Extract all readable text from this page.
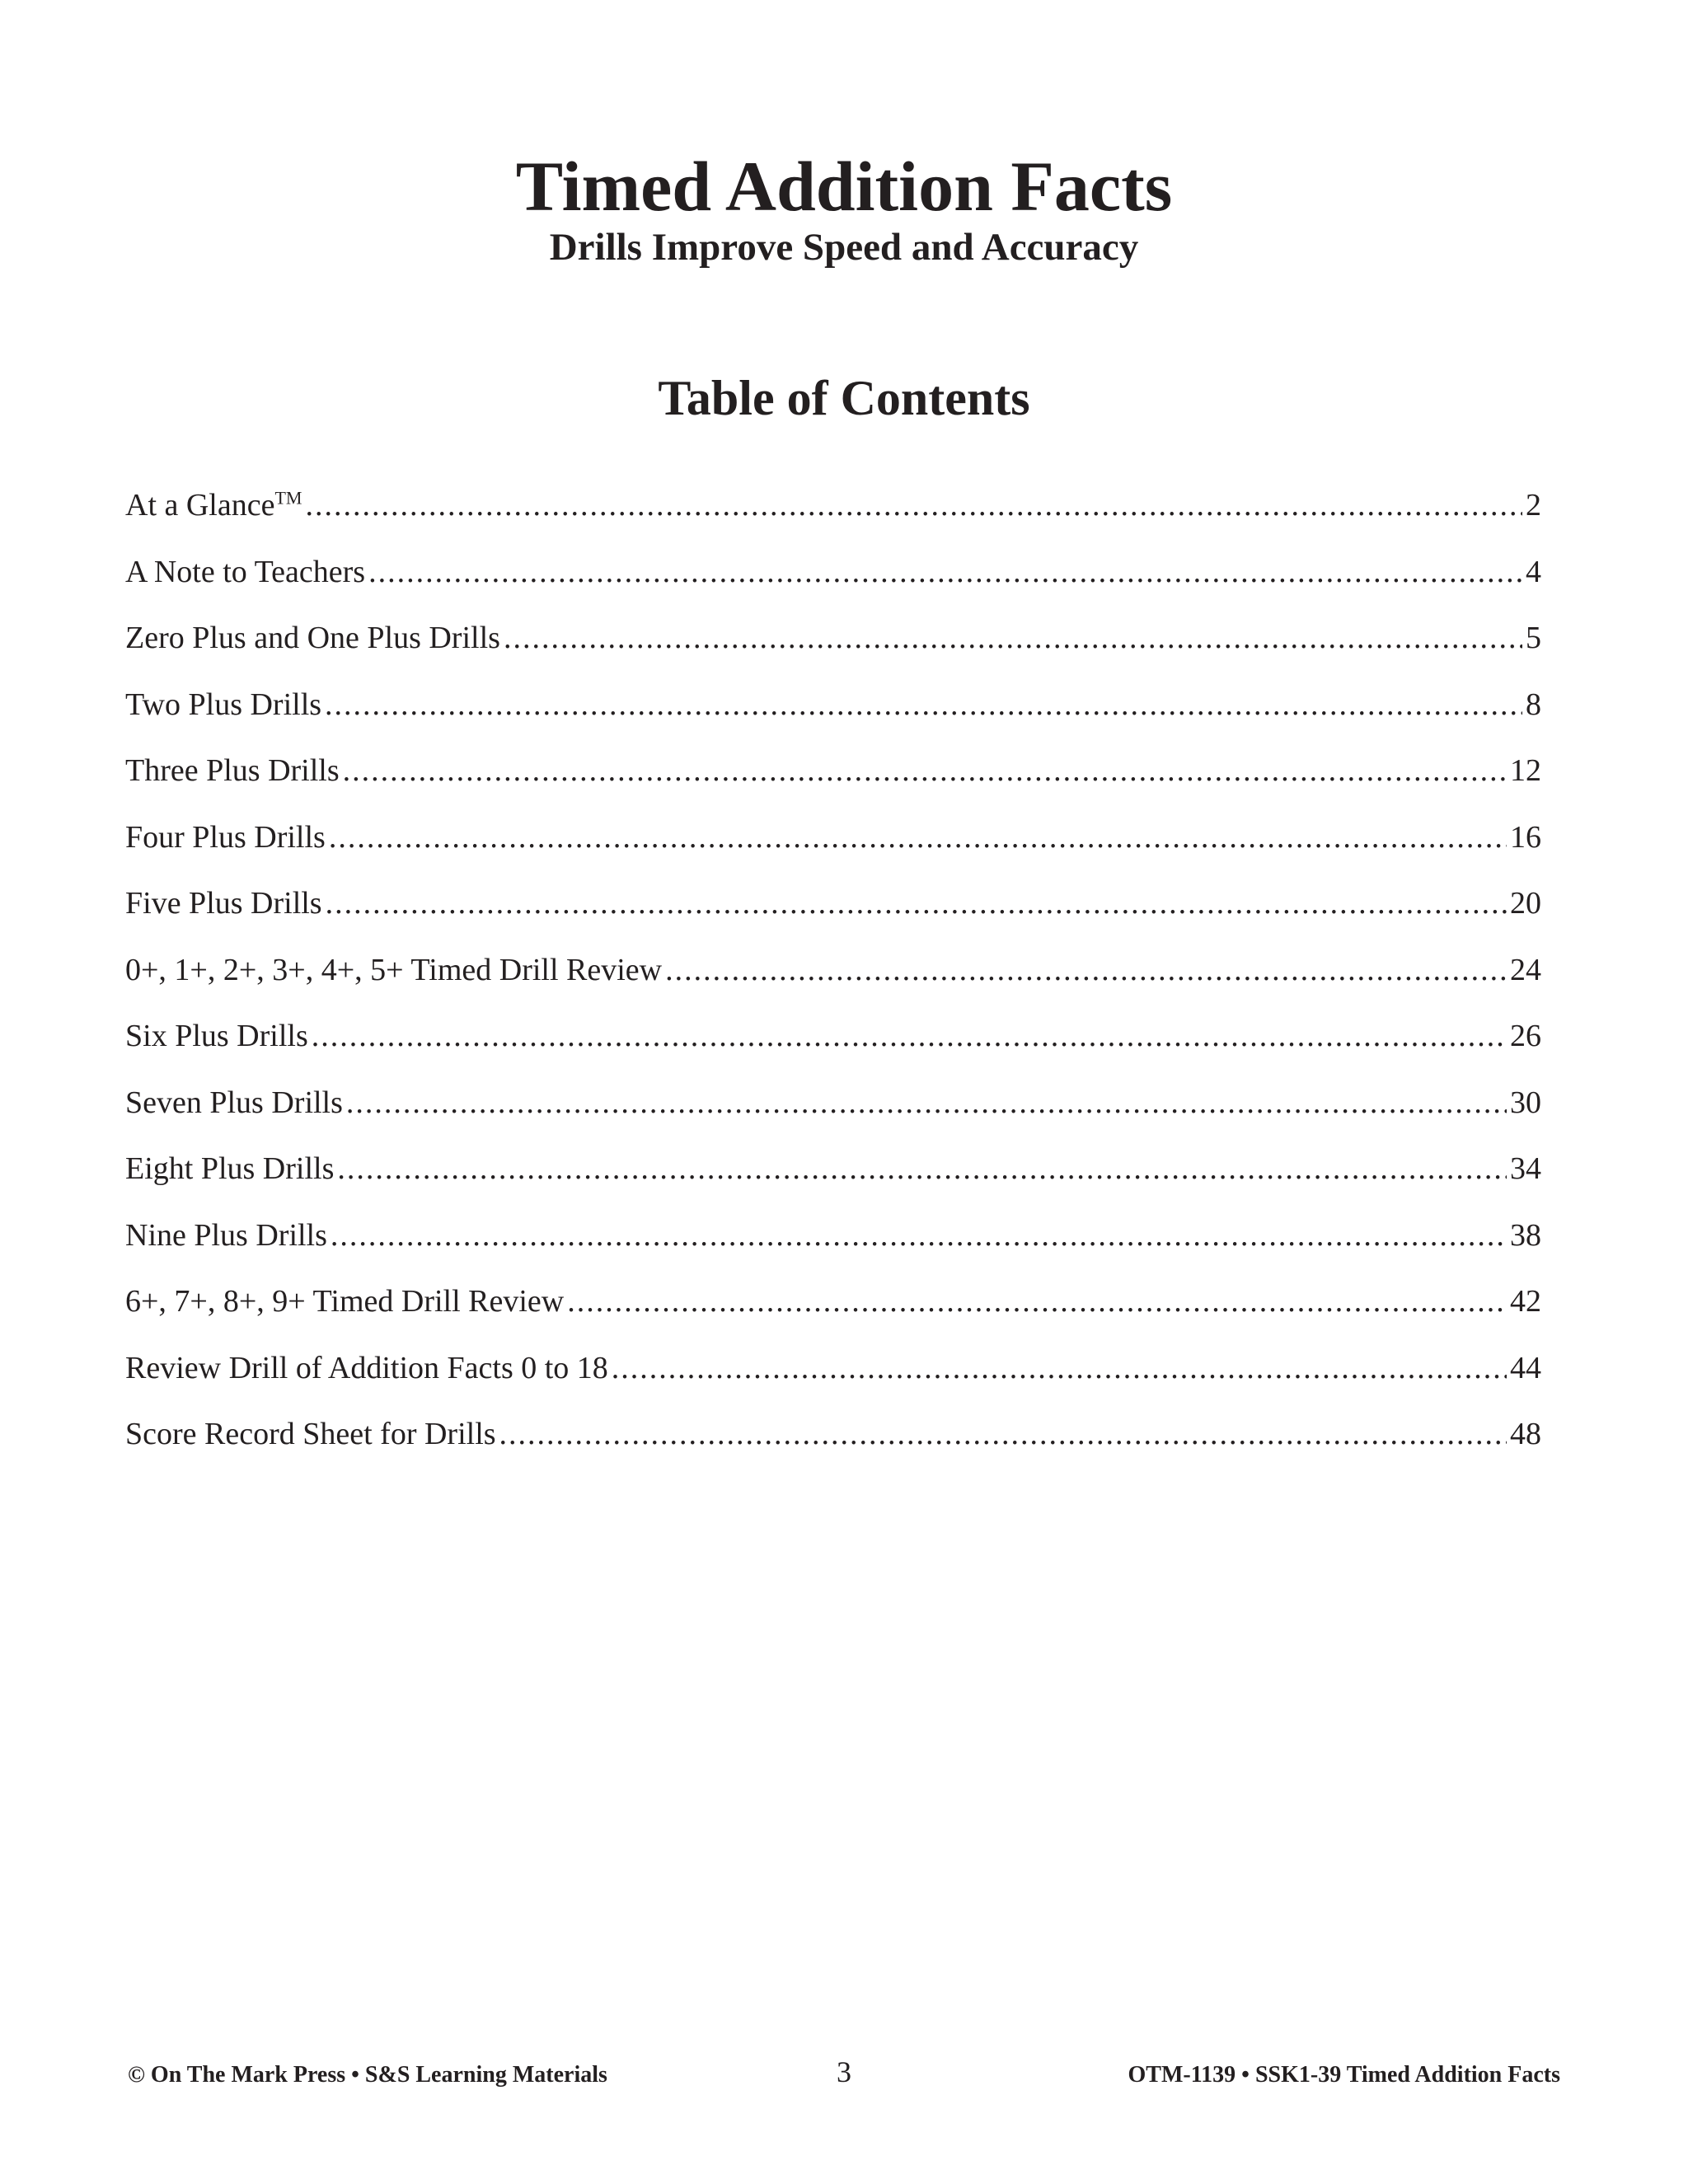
Timed Addition Facts
Drills Improve Speed and Accuracy
Table of Contents
At a Glance™ .....	2
A Note to Teachers .....	4
Zero Plus and One Plus Drills .....	5
Two Plus Drills .....	8
Three Plus Drills .....	12
Four Plus Drills .....	16
Five Plus Drills .....	20
0+, 1+, 2+, 3+, 4+, 5+ Timed Drill Review .....	24
Six Plus Drills .....	26
Seven Plus Drills .....	30
Eight Plus Drills .....	34
Nine Plus Drills .....	38
6+, 7+, 8+, 9+ Timed Drill Review .....	42
Review Drill of Addition Facts 0 to 18 .....	44
Score Record Sheet for Drills .....	48
© On The Mark Press • S&S Learning Materials	3	OTM-1139 • SSK1-39 Timed Addition Facts
